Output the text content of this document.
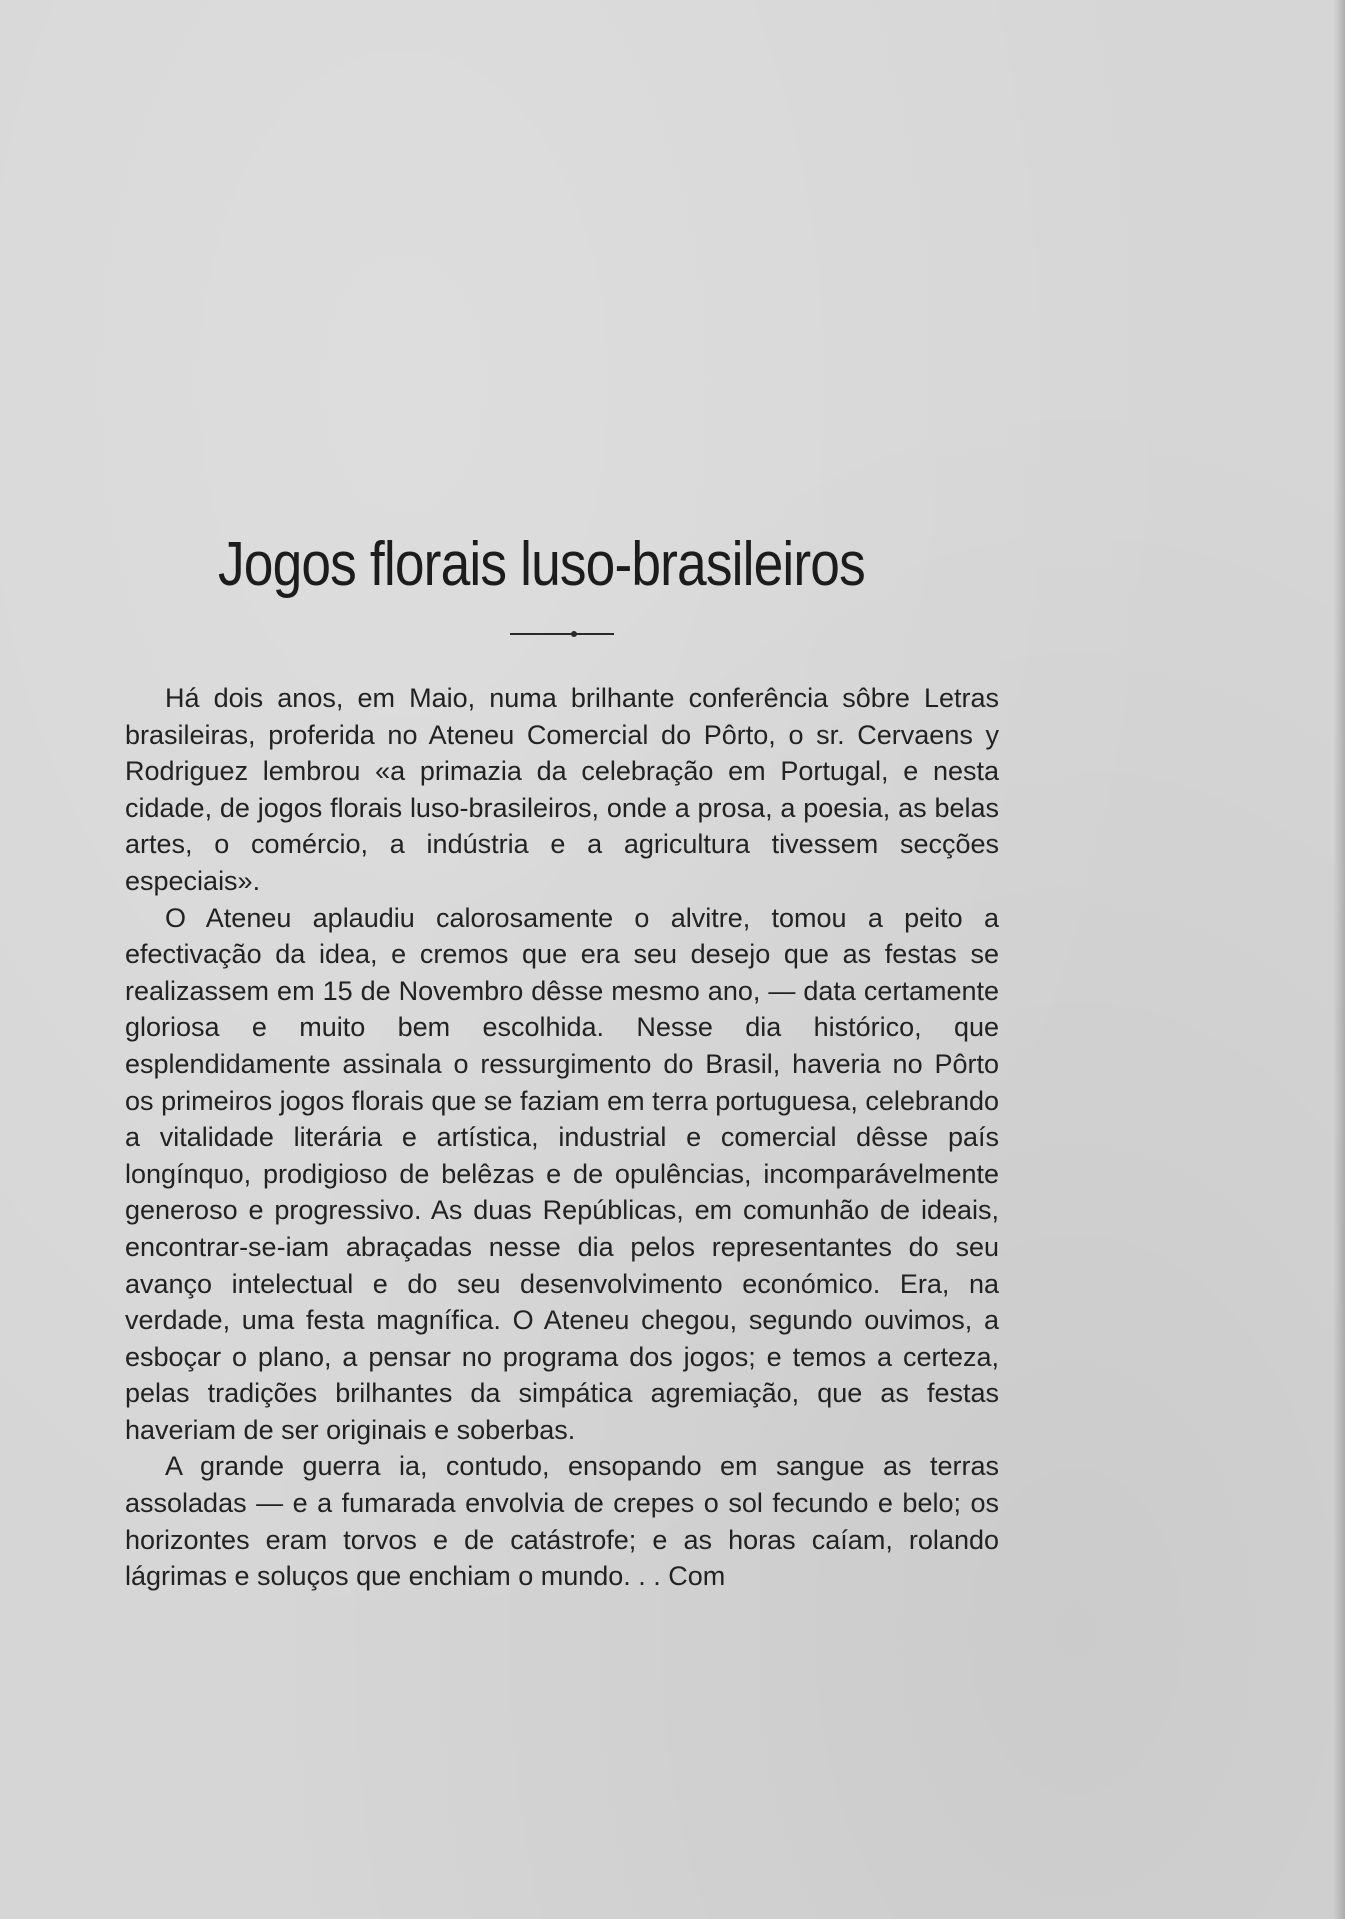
Jogos florais luso-brasileiros

Há dois anos, em Maio, numa brilhante conferência sôbre Letras brasileiras, proferida no Ateneu Comercial do Pôrto, o sr. Cervaens y Rodriguez lembrou «a primazia da celebração em Portugal, e nesta cidade, de jogos florais luso-brasileiros, onde a prosa, a poesia, as belas artes, o comércio, a indústria e a agricultura tivessem secções especiais».

O Ateneu aplaudiu calorosamente o alvitre, tomou a peito a efectivação da idea, e cremos que era seu desejo que as festas se realizassem em 15 de Novembro dêsse mesmo ano, — data certamente gloriosa e muito bem escolhida. Nesse dia histórico, que esplendidamente assinala o ressurgimento do Brasil, haveria no Pôrto os primeiros jogos florais que se faziam em terra portuguesa, celebrando a vitalidade literária e artística, industrial e comercial dêsse país longínquo, prodigioso de belêzas e de opulências, incomparávelmente generoso e progressivo. As duas Repúblicas, em comunhão de ideais, encontrar-se-iam abraçadas nesse dia pelos representantes do seu avanço intelectual e do seu desenvolvimento económico. Era, na verdade, uma festa magnífica. O Ateneu chegou, segundo ouvimos, a esboçar o plano, a pensar no programa dos jogos; e temos a certeza, pelas tradições brilhantes da simpática agremiação, que as festas haveriam de ser originais e soberbas.

A grande guerra ia, contudo, ensopando em sangue as terras assoladas — e a fumarada envolvia de crepes o sol fecundo e belo; os horizontes eram torvos e de catástrofe; e as horas caíam, rolando lágrimas e soluços que enchiam o mundo. . . Com
